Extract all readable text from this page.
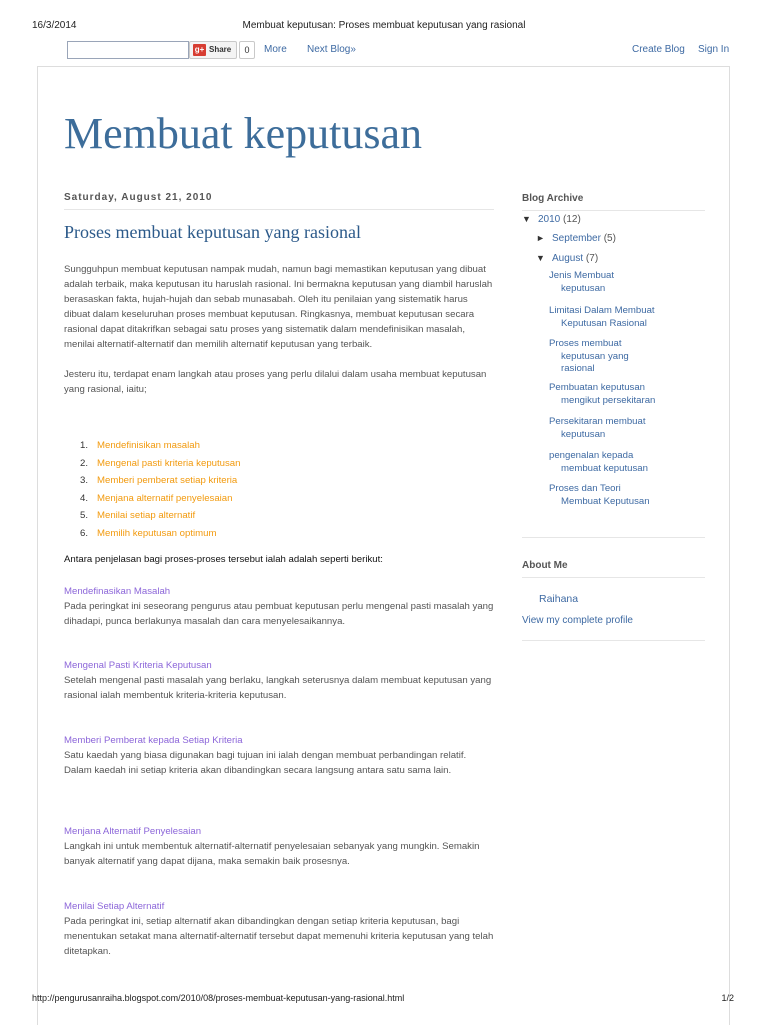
16/3/2014	Membuat keputusan: Proses membuat keputusan yang rasional
g+ Share	0	More Next Blog»	Create Blog Sign In
Membuat keputusan
Saturday, August 21, 2010
Proses membuat keputusan yang rasional

Sungguhpun membuat keputusan nampak mudah, namun bagi memastikan keputusan yang dibuat adalah terbaik, maka keputusan itu haruslah rasional. Ini bermakna keputusan yang diambil haruslah berasaskan fakta, hujah-hujah dan sebab munasabah. Oleh itu penilaian yang sistematik harus dibuat dalam keseluruhan proses membuat keputusan. Ringkasnya, membuat keputusan secara rasional dapat ditakrifkan sebagai satu proses yang sistematik dalam mendefinisikan masalah, menilai alternatif-alternatif dan memilih alternatif keputusan yang terbaik.

Jesteru itu, terdapat enam langkah atau proses yang perlu dilalui dalam usaha membuat keputusan yang rasional, iaitu;

1. Mendefinisikan masalah
2. Mengenal pasti kriteria keputusan
3. Memberi pemberat setiap kriteria
4. Menjana alternatif penyelesaian
5. Menilai setiap alternatif
6. Memilih keputusan optimum
Antara penjelasan bagi proses-proses tersebut ialah adalah seperti berikut:
Mendefinasikan Masalah
Pada peringkat ini seseorang pengurus atau pembuat keputusan perlu mengenal pasti masalah yang dihadapi, punca berlakunya masalah dan cara menyelesaikannya.
Mengenal Pasti Kriteria Keputusan
Setelah mengenal pasti masalah yang berlaku, langkah seterusnya dalam membuat keputusan yang rasional ialah membentuk kriteria-kriteria keputusan.
Memberi Pemberat kepada Setiap Kriteria
Satu kaedah yang biasa digunakan bagi tujuan ini ialah dengan membuat perbandingan relatif. Dalam kaedah ini setiap kriteria akan dibandingkan secara langsung antara satu sama lain.
Menjana Alternatif Penyelesaian
Langkah ini untuk membentuk alternatif-alternatif penyelesaian sebanyak yang mungkin. Semakin banyak alternatif yang dapat dijana, maka semakin baik prosesnya.
Menilai Setiap Alternatif
Pada peringkat ini, setiap alternatif akan dibandingkan dengan setiap kriteria keputusan, bagi menentukan setakat mana alternatif-alternatif tersebut dapat memenuhi kriteria keputusan yang telah ditetapkan.
Blog Archive
▼ 2010 (12)
► September (5)
▼ August (7)
Jenis Membuat
keputusan
Limitasi Dalam Membuat
Keputusan Rasional
Proses membuat
keputusan yang
rasional
Pembuatan keputusan
mengikut persekitaran
Persekitaran membuat
keputusan
pengenalan kepada
membuat keputusan
Proses dan Teori
Membuat Keputusan
About Me
Raihana
View my complete profile
http://pengurusanraiha.blogspot.com/2010/08/proses-membuat-keputusan-yang-rasional.html	1/2
